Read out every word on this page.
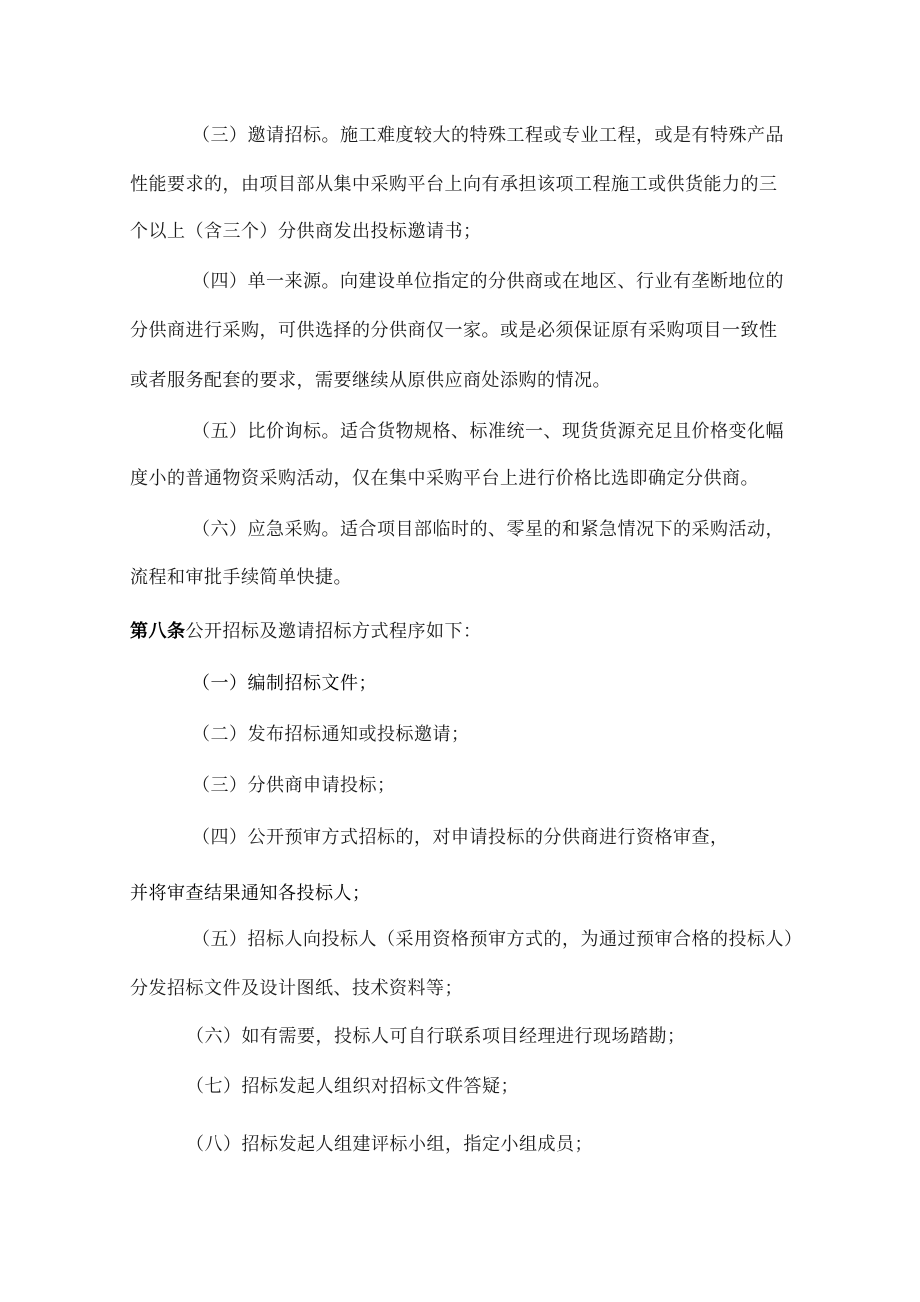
（三）邀请招标。施工难度较大的特殊工程或专业工程，或是有特殊产品
性能要求的，由项目部从集中采购平台上向有承担该项工程施工或供货能力的三
个以上（含三个）分供商发出投标邀请书；
（四）单一来源。向建设单位指定的分供商或在地区、行业有垄断地位的
分供商进行采购，可供选择的分供商仅一家。或是必须保证原有采购项目一致性
或者服务配套的要求，需要继续从原供应商处添购的情况。
（五）比价询标。适合货物规格、标准统一、现货货源充足且价格变化幅
度小的普通物资采购活动，仅在集中采购平台上进行价格比选即确定分供商。
（六）应急采购。适合项目部临时的、零星的和紧急情况下的采购活动，
流程和审批手续简单快捷。
第八条公开招标及邀请招标方式程序如下：
（一）编制招标文件；
（二）发布招标通知或投标邀请；
（三）分供商申请投标；
（四）公开预审方式招标的，对申请投标的分供商进行资格审查，
并将审查结果通知各投标人；
（五）招标人向投标人（采用资格预审方式的，为通过预审合格的投标人）
分发招标文件及设计图纸、技术资料等；
（六）如有需要，投标人可自行联系项目经理进行现场踏勘；
（七）招标发起人组织对招标文件答疑；
（八）招标发起人组建评标小组，指定小组成员；
